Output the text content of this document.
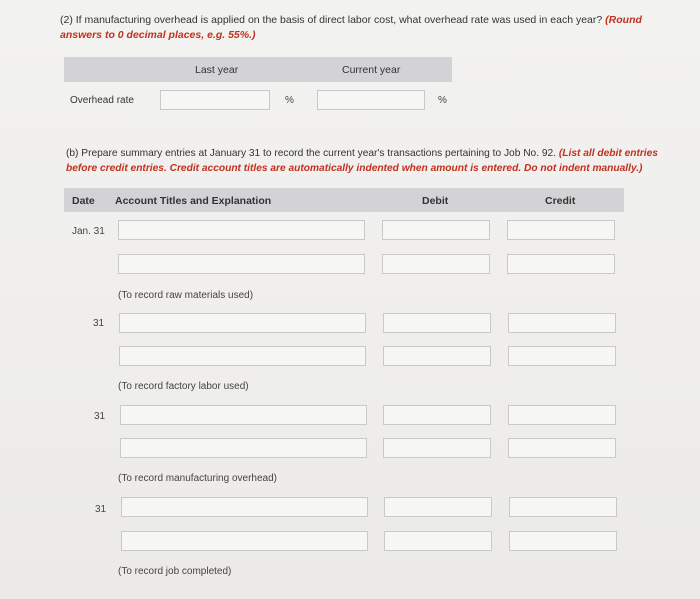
(2) If manufacturing overhead is applied on the basis of direct labor cost, what overhead rate was used in each year? (Round answers to 0 decimal places, e.g. 55%.)
Last year	Current year
Overhead rate	%	%
(b) Prepare summary entries at January 31 to record the current year's transactions pertaining to Job No. 92. (List all debit entries before credit entries. Credit account titles are automatically indented when amount is entered. Do not indent manually.)
Date Account Titles and Explanation	Debit	Credit
Jan. 31
(To record raw materials used)
31
(To record factory labor used)
31
(To record manufacturing overhead)
31
(To record job completed)
